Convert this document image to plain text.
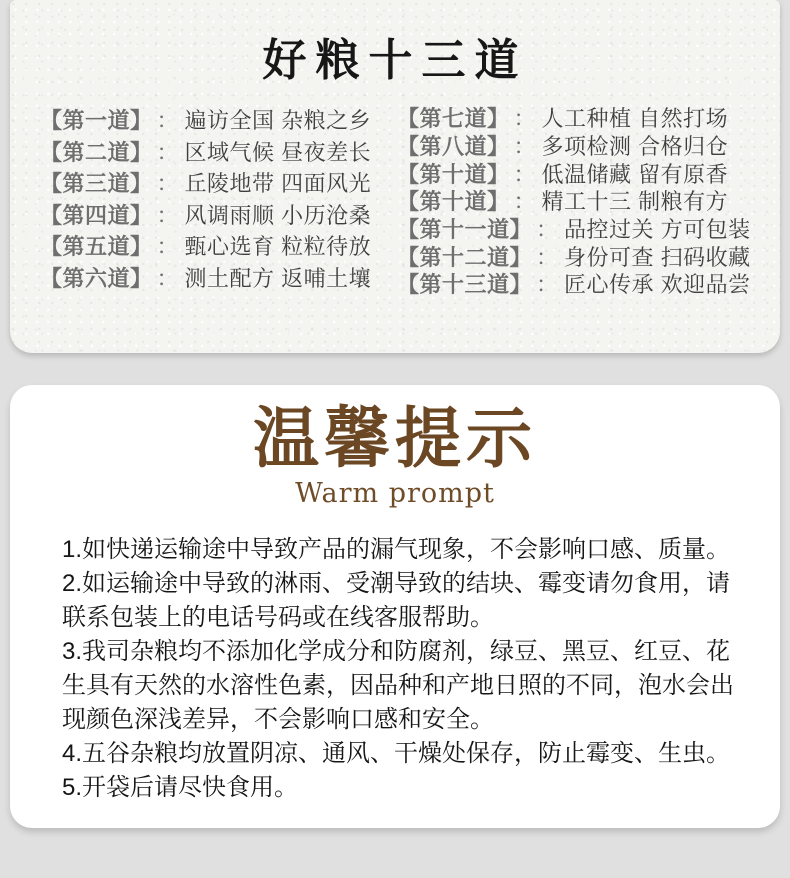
好粮十三道
【第一道】 ： 遍访全国 杂粮之乡
【第二道】 ： 区域气候 昼夜差长
【第三道】 ： 丘陵地带 四面风光
【第四道】 ： 风调雨顺 小历沧桑
【第五道】 ： 甄心选育 粒粒待放
【第六道】 ： 测土配方 返哺土壤
【第七道】 ： 人工种植 自然打场
【第八道】 ： 多项检测 合格归仓
【第十道】 ： 低温储藏 留有原香
【第十道】 ： 精工十三 制粮有方
【第十一道】 ： 品控过关 方可包装
【第十二道】 ： 身份可查 扫码收藏
【第十三道】 ： 匠心传承 欢迎品尝
温馨提示
Warm prompt

1.如快递运输途中导致产品的漏气现象，不会影响口感、质量。

2.如运输途中导致的淋雨、受潮导致的结块、霉变请勿食用，请联系包装上的电话号码或在线客服帮助。

3.我司杂粮均不添加化学成分和防腐剂，绿豆、黑豆、红豆、花生具有天然的水溶性色素，因品种和产地日照的不同，泡水会出现颜色深浅差异，不会影响口感和安全。

4.五谷杂粮均放置阴凉、通风、干燥处保存，防止霉变、生虫。

5.开袋后请尽快食用。
